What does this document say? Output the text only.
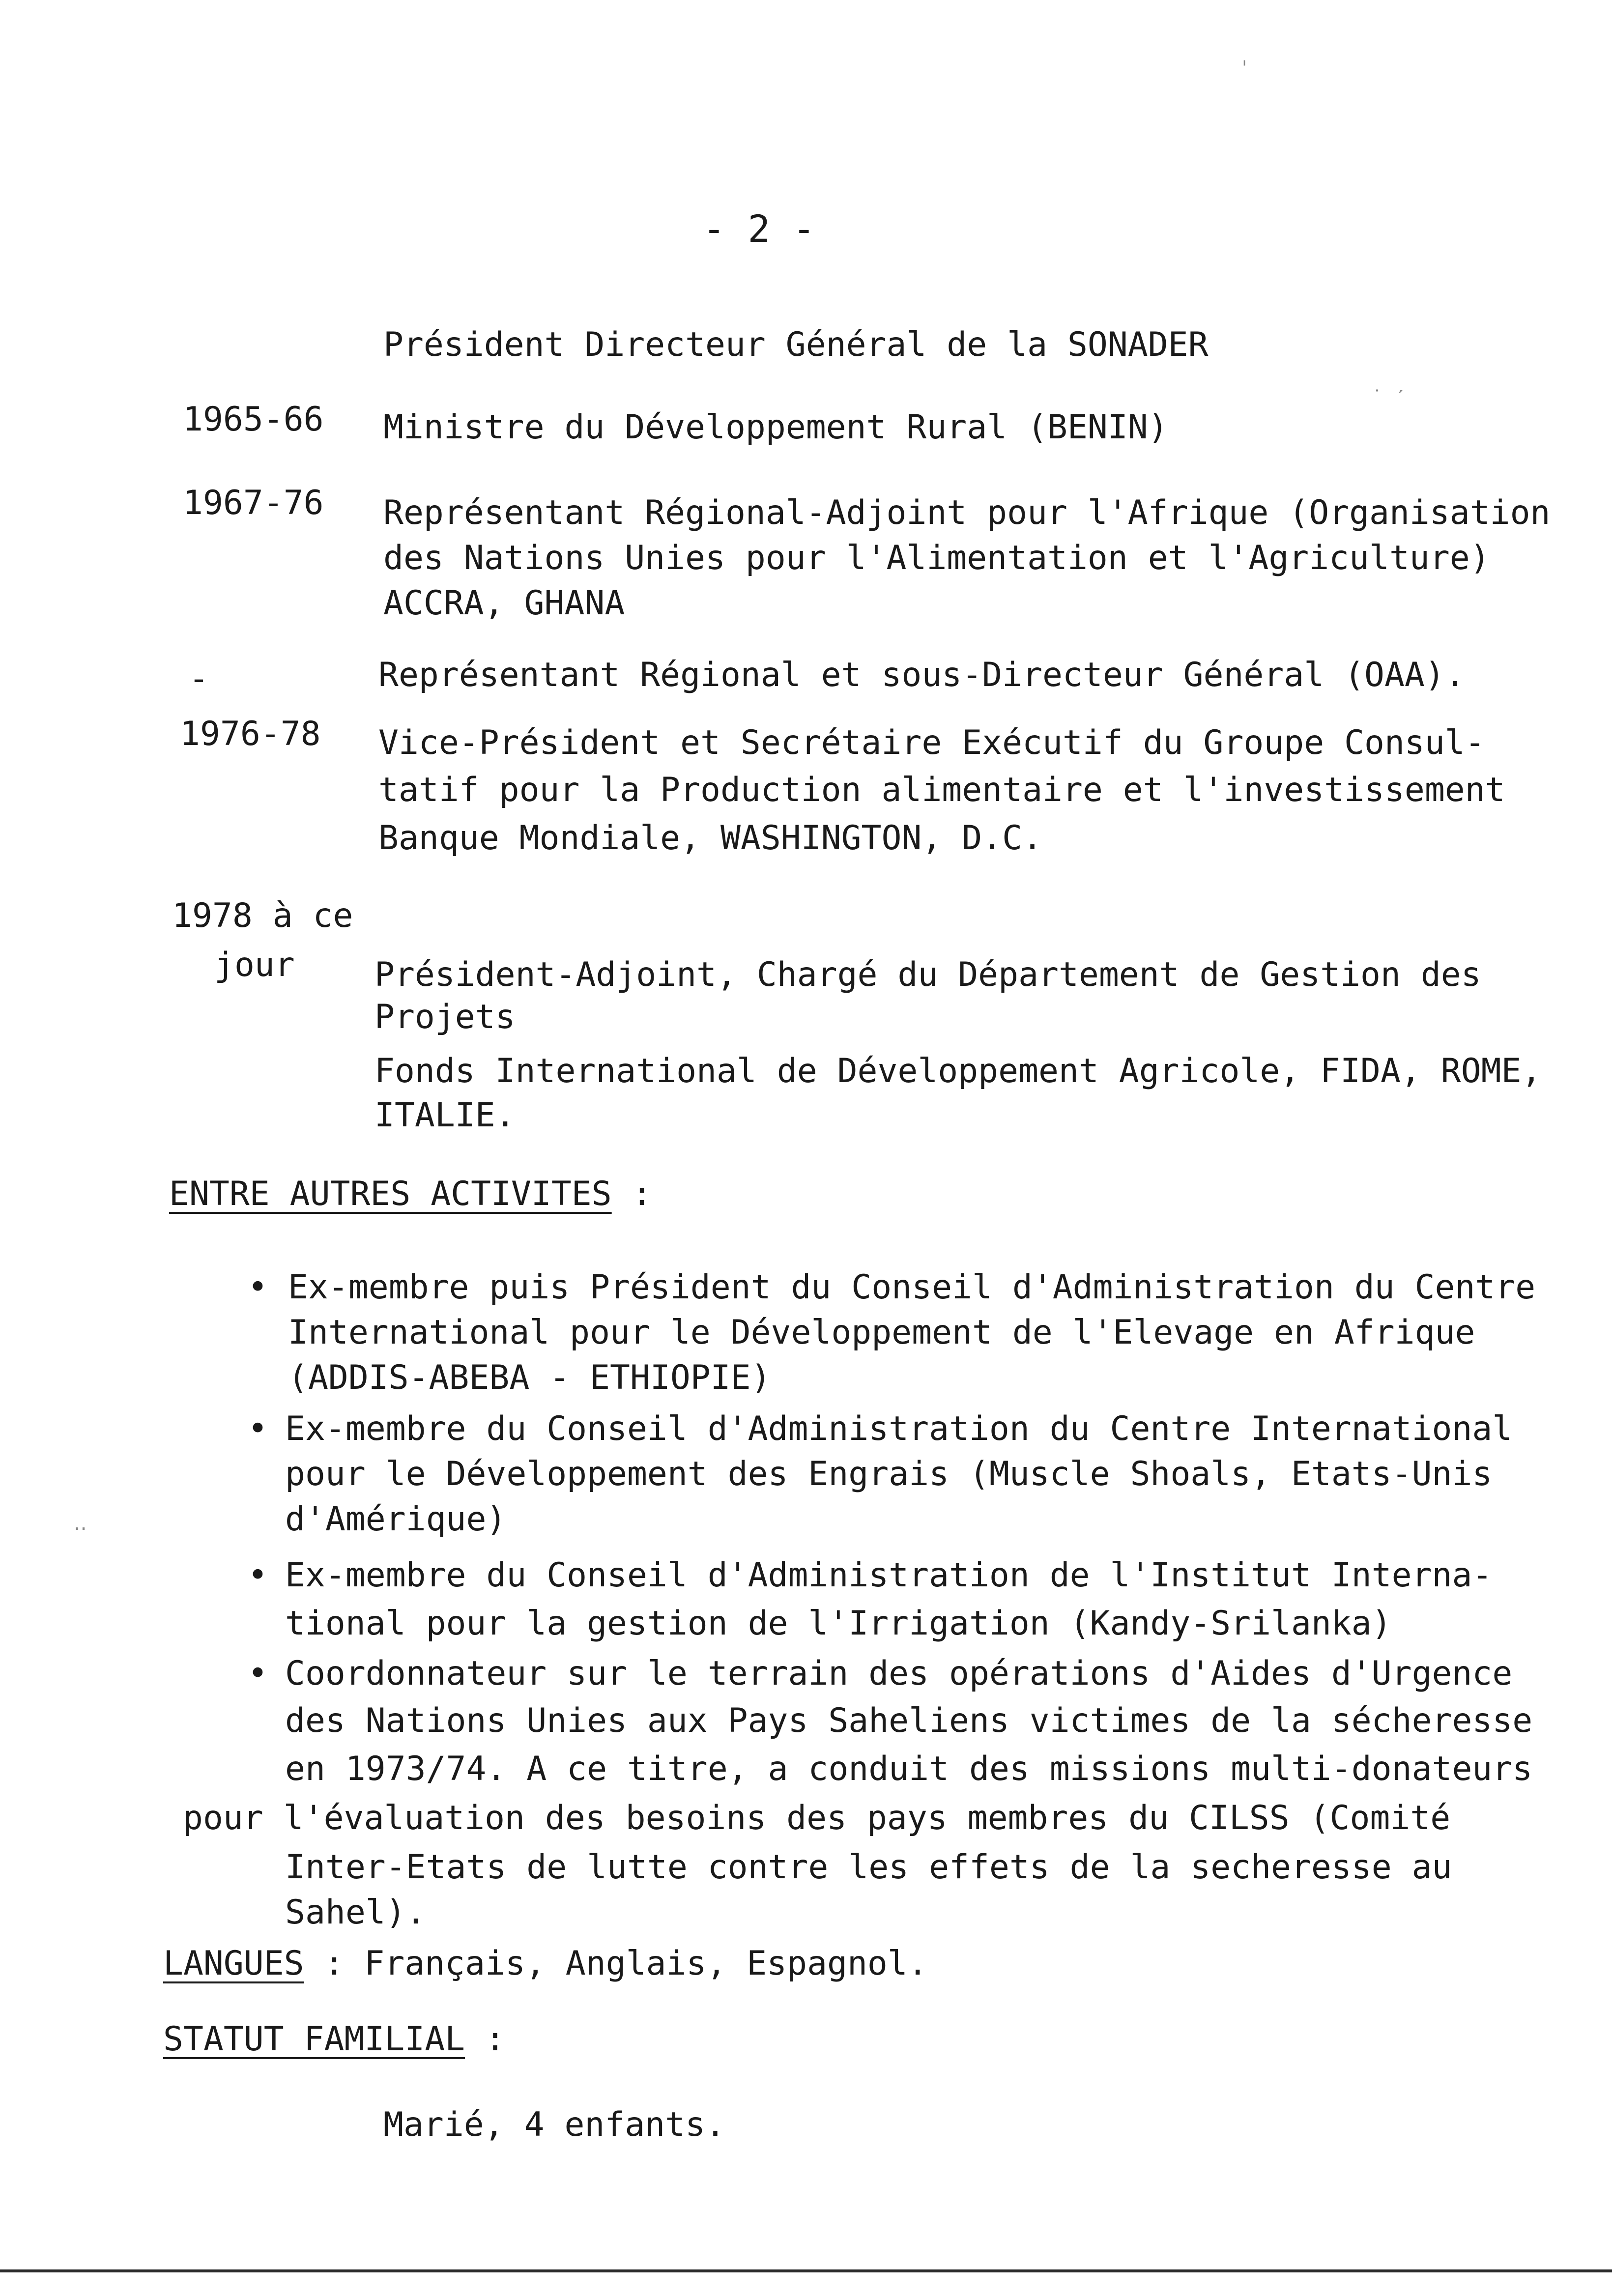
- 2 -
Président Directeur Général de la SONADER
1965-66 Ministre du Développement Rural (BENIN)
1967-76 Représentant Régional-Adjoint pour l'Afrique (Organisation
des Nations Unies pour l'Alimentation et l'Agriculture)
ACCRA, GHANA
-	Représentant Régional et sous-Directeur Général (OAA).
1976-78 Vice-Président et Secrétaire Exécutif du Groupe Consul-
tatif pour la Production alimentaire et l'investissement
Banque Mondiale, WASHINGTON, D.C.
1978 à ce
jour Président-Adjoint, Chargé du Département de Gestion des
Projets
Fonds International de Développement Agricole, FIDA, ROME,
ITALIE.
ENTRE AUTRES ACTIVITES :
• Ex-membre puis Président du Conseil d'Administration du Centre
International pour le Développement de l'Elevage en Afrique
(ADDIS-ABEBA - ETHIOPIE)
• Ex-membre du Conseil d'Administration du Centre International
pour le Développement des Engrais (Muscle Shoals, Etats-Unis
d'Amérique)
• Ex-membre du Conseil d'Administration de l'Institut Interna-
tional pour la gestion de l'Irrigation (Kandy-Srilanka)
• Coordonnateur sur le terrain des opérations d'Aides d'Urgence
des Nations Unies aux Pays Saheliens victimes de la sécheresse
en 1973/74. A ce titre, a conduit des missions multi-donateurs
pour l'évaluation des besoins des pays membres du CILSS (Comité
Inter-Etats de lutte contre les effets de la secheresse au
Sahel).
LANGUES : Français, Anglais, Espagnol.
STATUT FAMILIAL :
Marié, 4 enfants.
ˈ
˙ ˊ
‥
